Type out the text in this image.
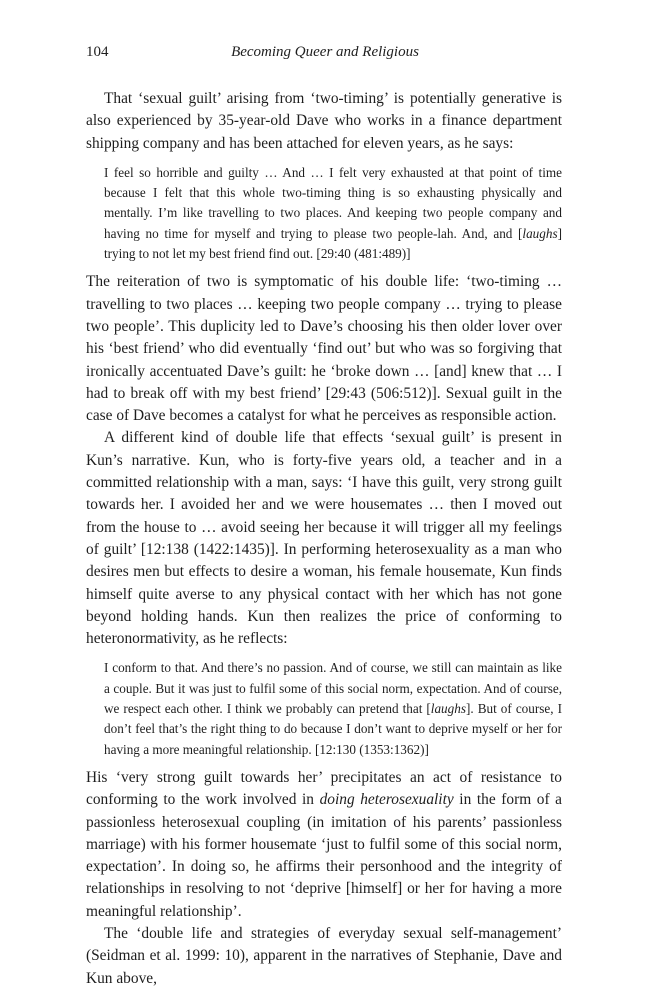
104	Becoming Queer and Religious

That ‘sexual guilt’ arising from ‘two-timing’ is potentially generative is also experienced by 35-year-old Dave who works in a finance department shipping company and has been attached for eleven years, as he says:

I feel so horrible and guilty … And … I felt very exhausted at that point of time because I felt that this whole two-timing thing is so exhausting physically and mentally. I’m like travelling to two places. And keeping two people company and having no time for myself and trying to please two people-lah. And, and [laughs] trying to not let my best friend find out. [29:40 (481:489)]

The reiteration of two is symptomatic of his double life: ‘two-timing … travelling to two places … keeping two people company … trying to please two people’. This duplicity led to Dave’s choosing his then older lover over his ‘best friend’ who did eventually ‘find out’ but who was so forgiving that ironically accentuated Dave’s guilt: he ‘broke down … [and] knew that … I had to break off with my best friend’ [29:43 (506:512)]. Sexual guilt in the case of Dave becomes a catalyst for what he perceives as responsible action.

A different kind of double life that effects ‘sexual guilt’ is present in Kun’s narrative. Kun, who is forty-five years old, a teacher and in a committed relationship with a man, says: ‘I have this guilt, very strong guilt towards her. I avoided her and we were housemates … then I moved out from the house to … avoid seeing her because it will trigger all my feelings of guilt’ [12:138 (1422:1435)]. In performing heterosexuality as a man who desires men but effects to desire a woman, his female housemate, Kun finds himself quite averse to any physical contact with her which has not gone beyond holding hands. Kun then realizes the price of conforming to heteronormativity, as he reflects:

I conform to that. And there’s no passion. And of course, we still can maintain as like a couple. But it was just to fulfil some of this social norm, expectation. And of course, we respect each other. I think we probably can pretend that [laughs]. But of course, I don’t feel that’s the right thing to do because I don’t want to deprive myself or her for having a more meaningful relationship. [12:130 (1353:1362)]

His ‘very strong guilt towards her’ precipitates an act of resistance to conforming to the work involved in doing heterosexuality in the form of a passionless heterosexual coupling (in imitation of his parents’ passionless marriage) with his former housemate ‘just to fulfil some of this social norm, expectation’. In doing so, he affirms their personhood and the integrity of relationships in resolving to not ‘deprive [himself] or her for having a more meaningful relationship’.

The ‘double life and strategies of everyday sexual self-management’ (Seidman et al. 1999: 10), apparent in the narratives of Stephanie, Dave and Kun above,
